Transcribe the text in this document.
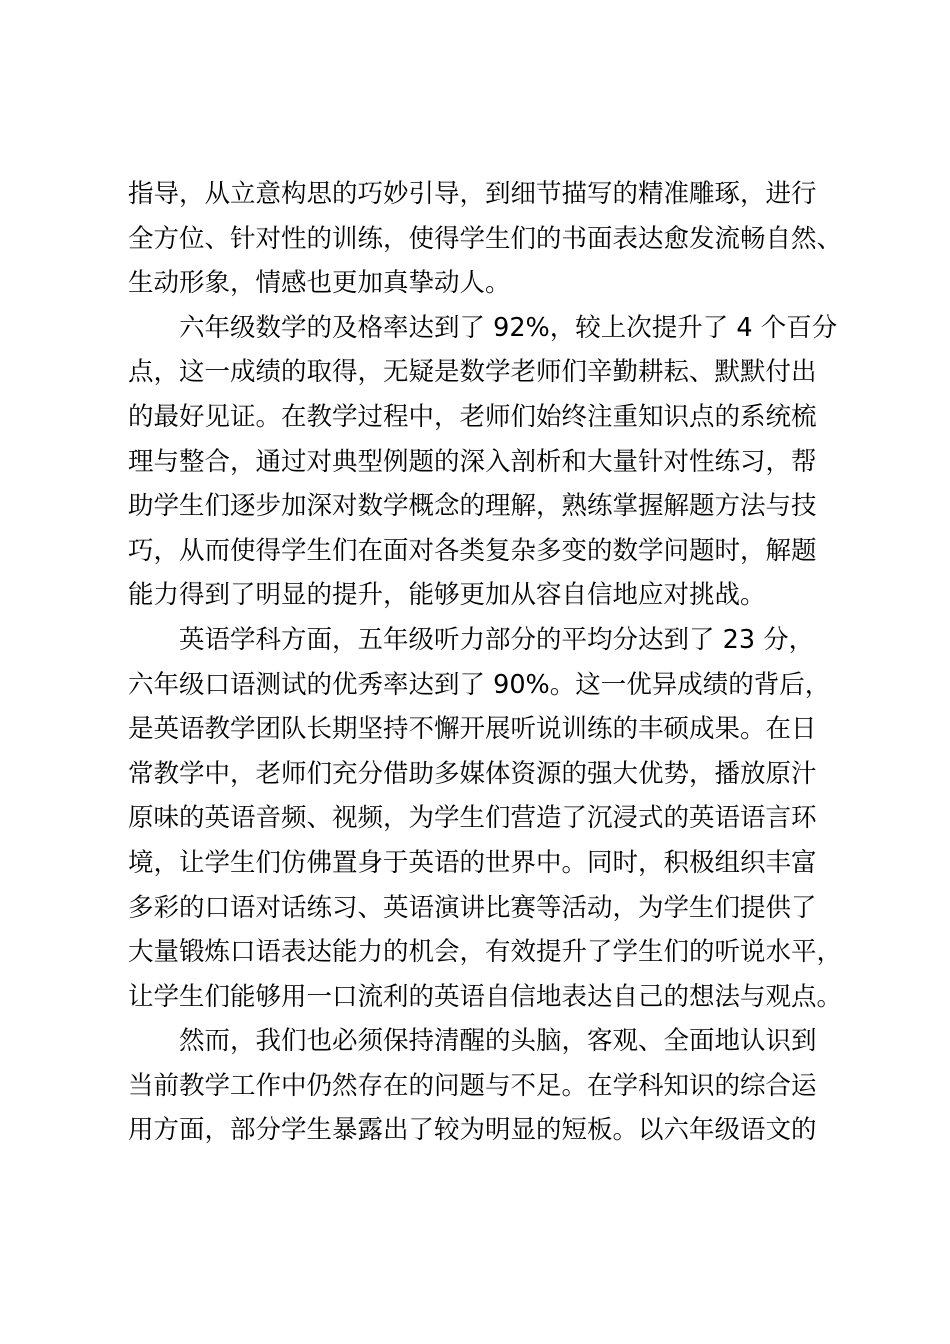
指导，从立意构思的巧妙引导，到细节描写的精准雕琢，进行
全方位、针对性的训练，使得学生们的书面表达愈发流畅自然、
生动形象，情感也更加真挚动人。
六年级数学的及格率达到了 92%，较上次提升了 4 个百分
点，这一成绩的取得，无疑是数学老师们辛勤耕耘、默默付出
的最好见证。在教学过程中，老师们始终注重知识点的系统梳
理与整合，通过对典型例题的深入剖析和大量针对性练习，帮
助学生们逐步加深对数学概念的理解，熟练掌握解题方法与技
巧，从而使得学生们在面对各类复杂多变的数学问题时，解题
能力得到了明显的提升，能够更加从容自信地应对挑战。
英语学科方面，五年级听力部分的平均分达到了 23 分，
六年级口语测试的优秀率达到了 90%。这一优异成绩的背后，
是英语教学团队长期坚持不懈开展听说训练的丰硕成果。在日
常教学中，老师们充分借助多媒体资源的强大优势，播放原汁
原味的英语音频、视频，为学生们营造了沉浸式的英语语言环
境，让学生们仿佛置身于英语的世界中。同时，积极组织丰富
多彩的口语对话练习、英语演讲比赛等活动，为学生们提供了
大量锻炼口语表达能力的机会，有效提升了学生们的听说水平，
让学生们能够用一口流利的英语自信地表达自己的想法与观点。
然而，我们也必须保持清醒的头脑，客观、全面地认识到
当前教学工作中仍然存在的问题与不足。在学科知识的综合运
用方面，部分学生暴露出了较为明显的短板。以六年级语文的
